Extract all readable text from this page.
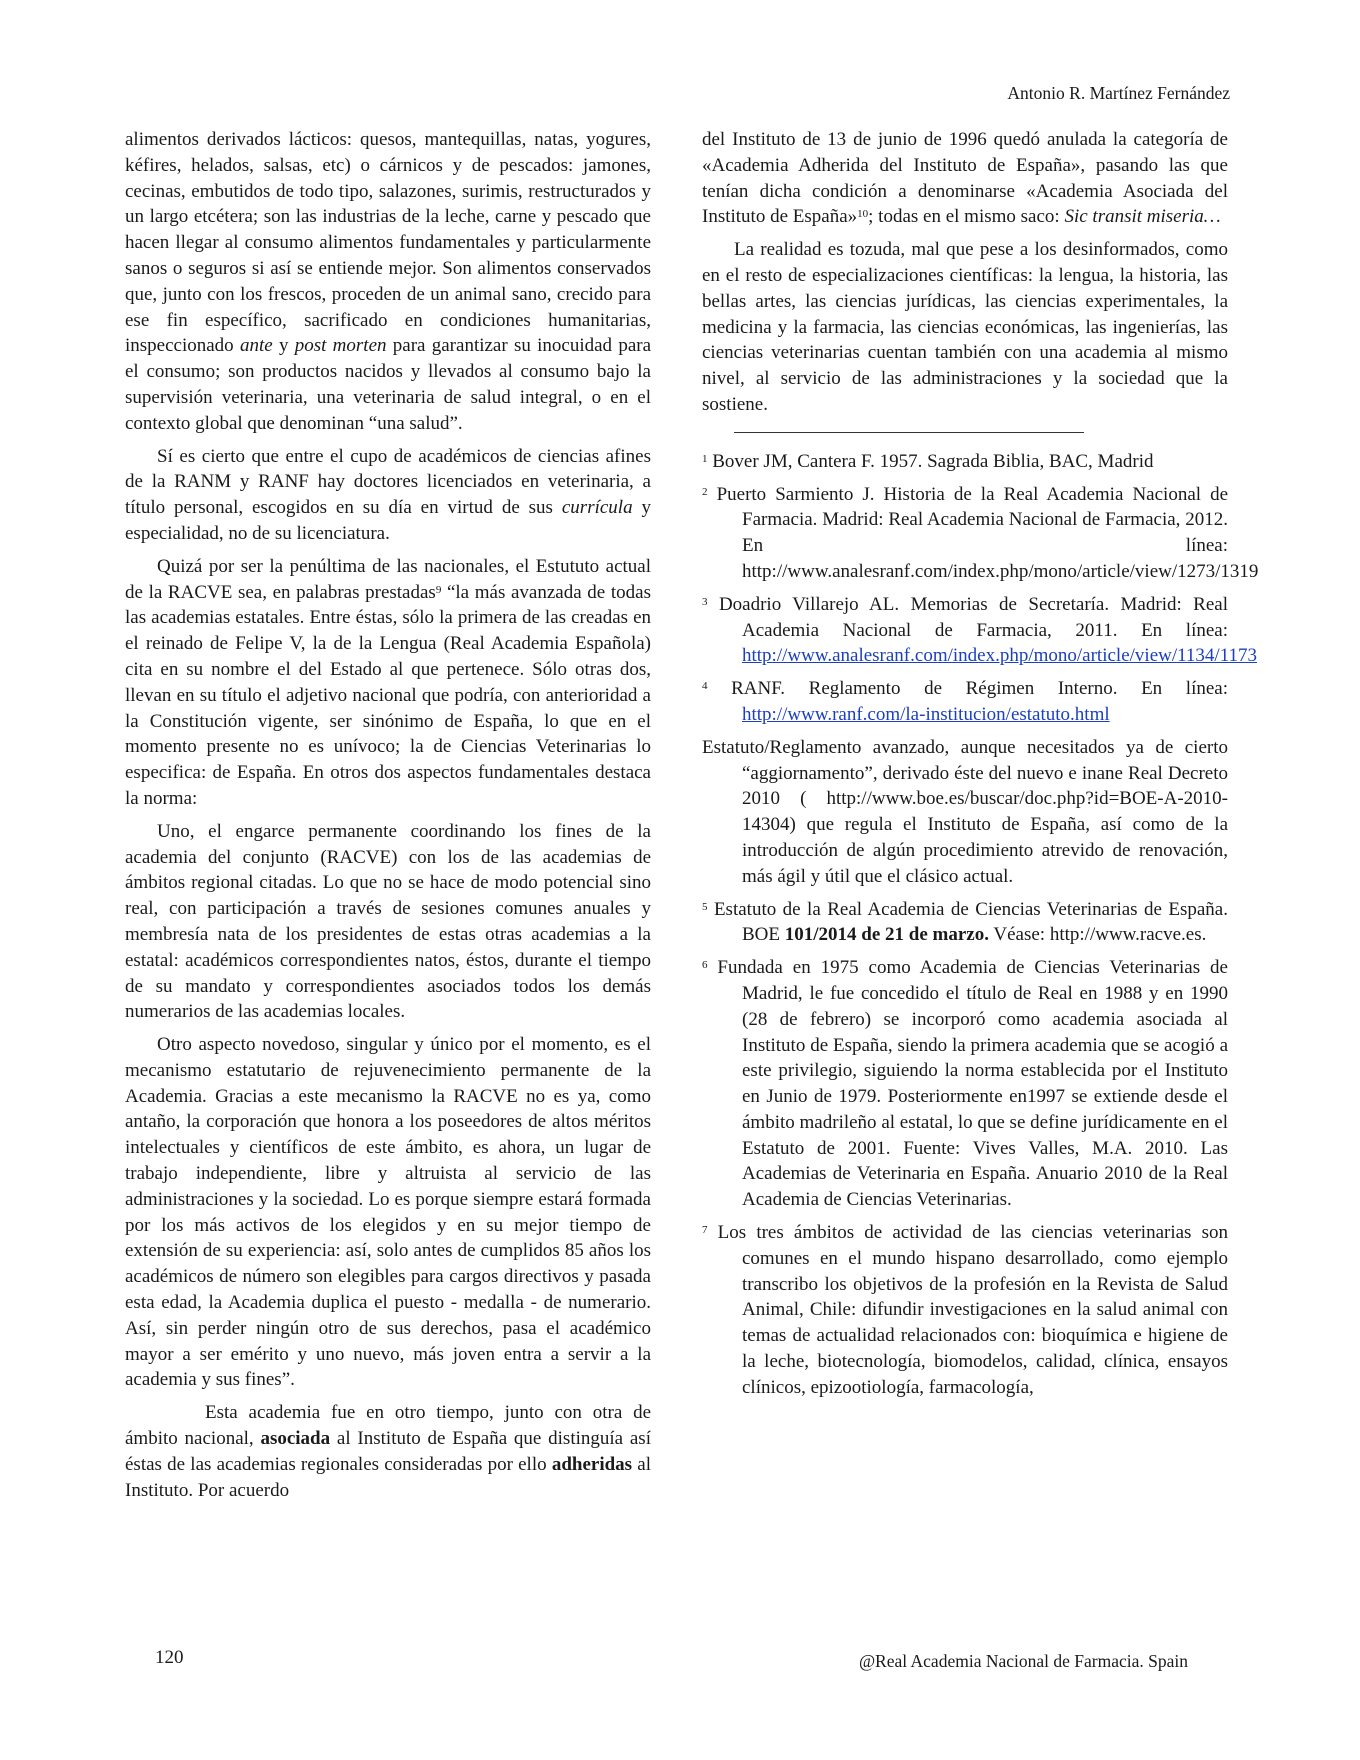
Antonio R. Martínez Fernández

alimentos derivados lácticos: quesos, mantequillas, natas, yogures, kéfires, helados, salsas, etc) o cárnicos y de pescados: jamones, cecinas, embutidos de todo tipo, salazones, surimis, restructurados y un largo etcétera; son las industrias de la leche, carne y pescado que hacen llegar al consumo alimentos fundamentales y particularmente sanos o seguros si así se entiende mejor. Son alimentos conservados que, junto con los frescos, proceden de un animal sano, crecido para ese fin específico, sacrificado en condiciones humanitarias, inspeccionado ante y post morten para garantizar su inocuidad para el consumo; son productos nacidos y llevados al consumo bajo la supervisión veterinaria, una veterinaria de salud integral, o en el contexto global que denominan “una salud”.

Sí es cierto que entre el cupo de académicos de ciencias afines de la RANM y RANF hay doctores licenciados en veterinaria, a título personal, escogidos en su día en virtud de sus currícula y especialidad, no de su licenciatura.

Quizá por ser la penúltima de las nacionales, el Estututo actual de la RACVE sea, en palabras prestadas$^9$ “la más avanzada de todas las academias estatales. Entre éstas, sólo la primera de las creadas en el reinado de Felipe V, la de la Lengua (Real Academia Española) cita en su nombre el del Estado al que pertenece. Sólo otras dos, llevan en su título el adjetivo nacional que podría, con anterioridad a la Constitución vigente, ser sinónimo de España, lo que en el momento presente no es unívoco; la de Ciencias Veterinarias lo especifica: de España. En otros dos aspectos fundamentales destaca la norma:

Uno, el engarce permanente coordinando los fines de la academia del conjunto (RACVE) con los de las academias de ámbitos regional citadas. Lo que no se hace de modo potencial sino real, con participación a través de sesiones comunes anuales y membresía nata de los presidentes de estas otras academias a la estatal: académicos correspondientes natos, éstos, durante el tiempo de su mandato y correspondientes asociados todos los demás numerarios de las academias locales.

Otro aspecto novedoso, singular y único por el momento, es el mecanismo estatutario de rejuvenecimiento permanente de la Academia. Gracias a este mecanismo la RACVE no es ya, como antaño, la corporación que honora a los poseedores de altos méritos intelectuales y científicos de este ámbito, es ahora, un lugar de trabajo independiente, libre y altruista al servicio de las administraciones y la sociedad. Lo es porque siempre estará formada por los más activos de los elegidos y en su mejor tiempo de extensión de su experiencia: así, solo antes de cumplidos 85 años los académicos de número son elegibles para cargos directivos y pasada esta edad, la Academia duplica el puesto - medalla - de numerario. Así, sin perder ningún otro de sus derechos, pasa el académico mayor a ser emérito y uno nuevo, más joven entra a servir a la academia y sus fines”.

Esta academia fue en otro tiempo, junto con otra de ámbito nacional, asociada al Instituto de España que distinguía así éstas de las academias regionales consideradas por ello adheridas al Instituto. Por acuerdo

del Instituto de 13 de junio de 1996 quedó anulada la categoría de «Academia Adherida del Instituto de España», pasando las que tenían dicha condición a denominarse «Academia Asociada del Instituto de España»$^{10}$; todas en el mismo saco: Sic transit miseria…

La realidad es tozuda, mal que pese a los desinformados, como en el resto de especializaciones científicas: la lengua, la historia, las bellas artes, las ciencias jurídicas, las ciencias experimentales, la medicina y la farmacia, las ciencias económicas, las ingenierías, las ciencias veterinarias cuentan también con una academia al mismo nivel, al servicio de las administraciones y la sociedad que la sostiene.

$^1$ Bover JM, Cantera F. 1957. Sagrada Biblia, BAC, Madrid
$^2$ Puerto Sarmiento J. Historia de la Real Academia Nacional de Farmacia. Madrid: Real Academia Nacional de Farmacia, 2012. En línea: http://www.analesranf.com/index.php/mono/article/view/1273/1319
$^3$ Doadrio Villarejo AL. Memorias de Secretaría. Madrid: Real Academia Nacional de Farmacia, 2011. En línea: http://www.analesranf.com/index.php/mono/article/view/1134/1173
$^4$ RANF. Reglamento de Régimen Interno. En línea: http://www.ranf.com/la-institucion/estatuto.html
Estatuto/Reglamento avanzado, aunque necesitados ya de cierto “aggiornamento”, derivado éste del nuevo e inane Real Decreto 2010 ( http://www.boe.es/buscar/doc.php?id=BOE-A-2010-14304) que regula el Instituto de España, así como de la introducción de algún procedimiento atrevido de renovación, más ágil y útil que el clásico actual.
$^5$ Estatuto de la Real Academia de Ciencias Veterinarias de España. BOE 101/2014 de 21 de marzo. Véase: http://www.racve.es.
$^6$ Fundada en 1975 como Academia de Ciencias Veterinarias de Madrid, le fue concedido el título de Real en 1988 y en 1990 (28 de febrero) se incorporó como academia asociada al Instituto de España, siendo la primera academia que se acogió a este privilegio, siguiendo la norma establecida por el Instituto en Junio de 1979. Posteriormente en1997 se extiende desde el ámbito madrileño al estatal, lo que se define jurídicamente en el Estatuto de 2001. Fuente: Vives Valles, M.A. 2010. Las Academias de Veterinaria en España. Anuario 2010 de la Real Academia de Ciencias Veterinarias.
$^7$ Los tres ámbitos de actividad de las ciencias veterinarias son comunes en el mundo hispano desarrollado, como ejemplo transcribo los objetivos de la profesión en la Revista de Salud Animal, Chile: difundir investigaciones en la salud animal con temas de actualidad relacionados con: bioquímica e higiene de la leche, biotecnología, biomodelos, calidad, clínica, ensayos clínicos, epizootiología, farmacología,
120	@Real Academia Nacional de Farmacia. Spain
